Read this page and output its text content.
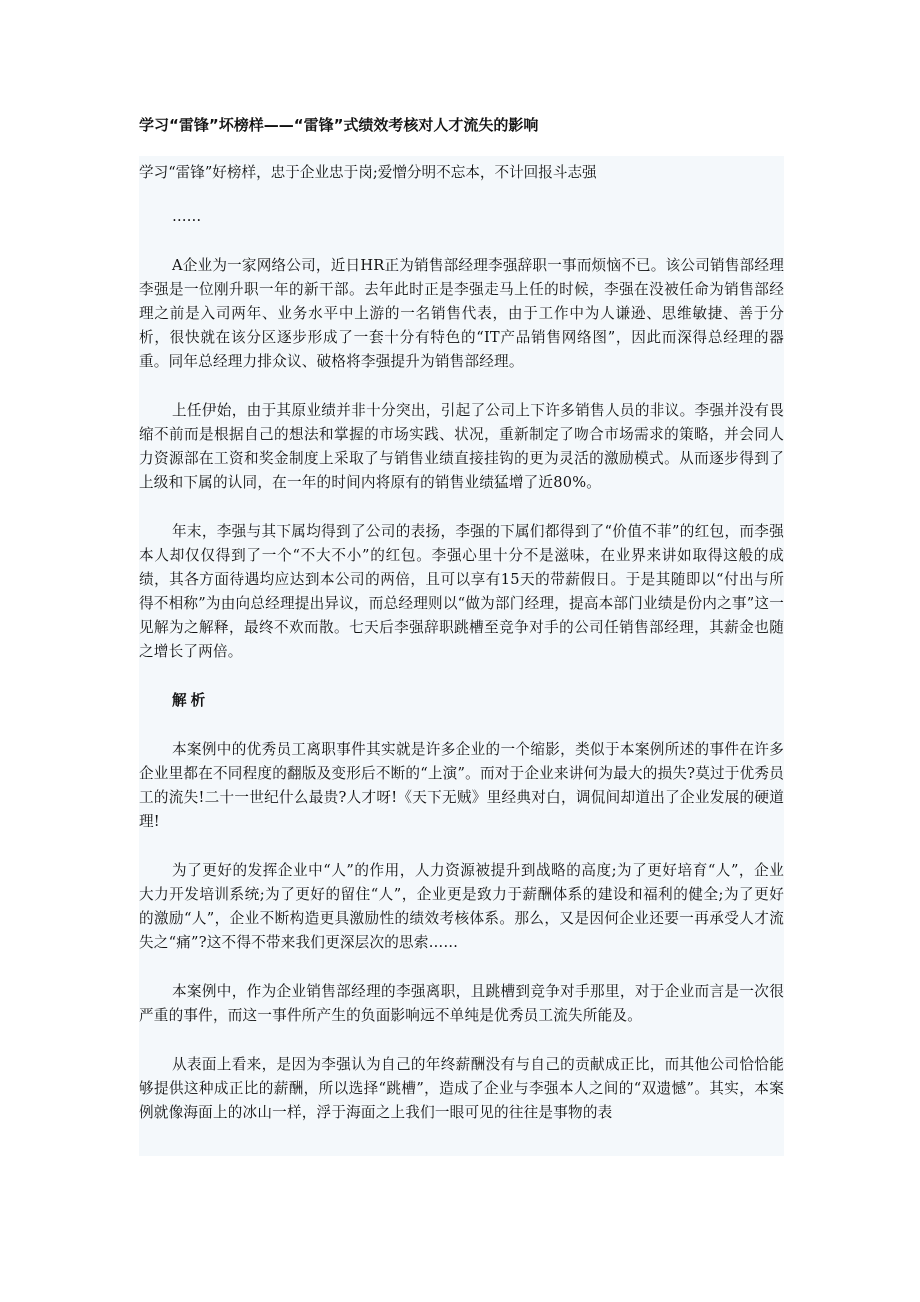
学习“雷锋”坏榜样——“雷锋”式绩效考核对人才流失的影响

学习“雷锋”好榜样，忠于企业忠于岗;爱憎分明不忘本，不计回报斗志强

……

A企业为一家网络公司，近日HR正为销售部经理李强辞职一事而烦恼不已。该公司销售部经理李强是一位刚升职一年的新干部。去年此时正是李强走马上任的时候，李强在没被任命为销售部经理之前是入司两年、业务水平中上游的一名销售代表，由于工作中为人谦逊、思维敏捷、善于分析，很快就在该分区逐步形成了一套十分有特色的“IT产品销售网络图”，因此而深得总经理的器重。同年总经理力排众议、破格将李强提升为销售部经理。

上任伊始，由于其原业绩并非十分突出，引起了公司上下许多销售人员的非议。李强并没有畏缩不前而是根据自己的想法和掌握的市场实践、状况，重新制定了吻合市场需求的策略，并会同人力资源部在工资和奖金制度上采取了与销售业绩直接挂钩的更为灵活的激励模式。从而逐步得到了上级和下属的认同，在一年的时间内将原有的销售业绩猛增了近80%。

年末，李强与其下属均得到了公司的表扬，李强的下属们都得到了“价值不菲”的红包，而李强本人却仅仅得到了一个“不大不小”的红包。李强心里十分不是滋味，在业界来讲如取得这般的成绩，其各方面待遇均应达到本公司的两倍，且可以享有15天的带薪假日。于是其随即以“付出与所得不相称”为由向总经理提出异议，而总经理则以“做为部门经理，提高本部门业绩是份内之事”这一见解为之解释，最终不欢而散。七天后李强辞职跳槽至竞争对手的公司任销售部经理，其薪金也随之增长了两倍。

解析

本案例中的优秀员工离职事件其实就是许多企业的一个缩影，类似于本案例所述的事件在许多企业里都在不同程度的翻版及变形后不断的“上演”。而对于企业来讲何为最大的损失?莫过于优秀员工的流失!二十一世纪什么最贵?人才呀!《天下无贼》里经典对白，调侃间却道出了企业发展的硬道理!

为了更好的发挥企业中“人”的作用，人力资源被提升到战略的高度;为了更好培育“人”，企业大力开发培训系统;为了更好的留住“人”，企业更是致力于薪酬体系的建设和福利的健全;为了更好的激励“人”，企业不断构造更具激励性的绩效考核体系。那么，又是因何企业还要一再承受人才流失之“痛”?这不得不带来我们更深层次的思索……

本案例中，作为企业销售部经理的李强离职，且跳槽到竞争对手那里，对于企业而言是一次很严重的事件，而这一事件所产生的负面影响远不单纯是优秀员工流失所能及。

从表面上看来，是因为李强认为自己的年终薪酬没有与自己的贡献成正比，而其他公司恰恰能够提供这种成正比的薪酬，所以选择“跳槽”，造成了企业与李强本人之间的“双遗憾”。其实，本案例就像海面上的冰山一样，浮于海面之上我们一眼可见的往往是事物的表
